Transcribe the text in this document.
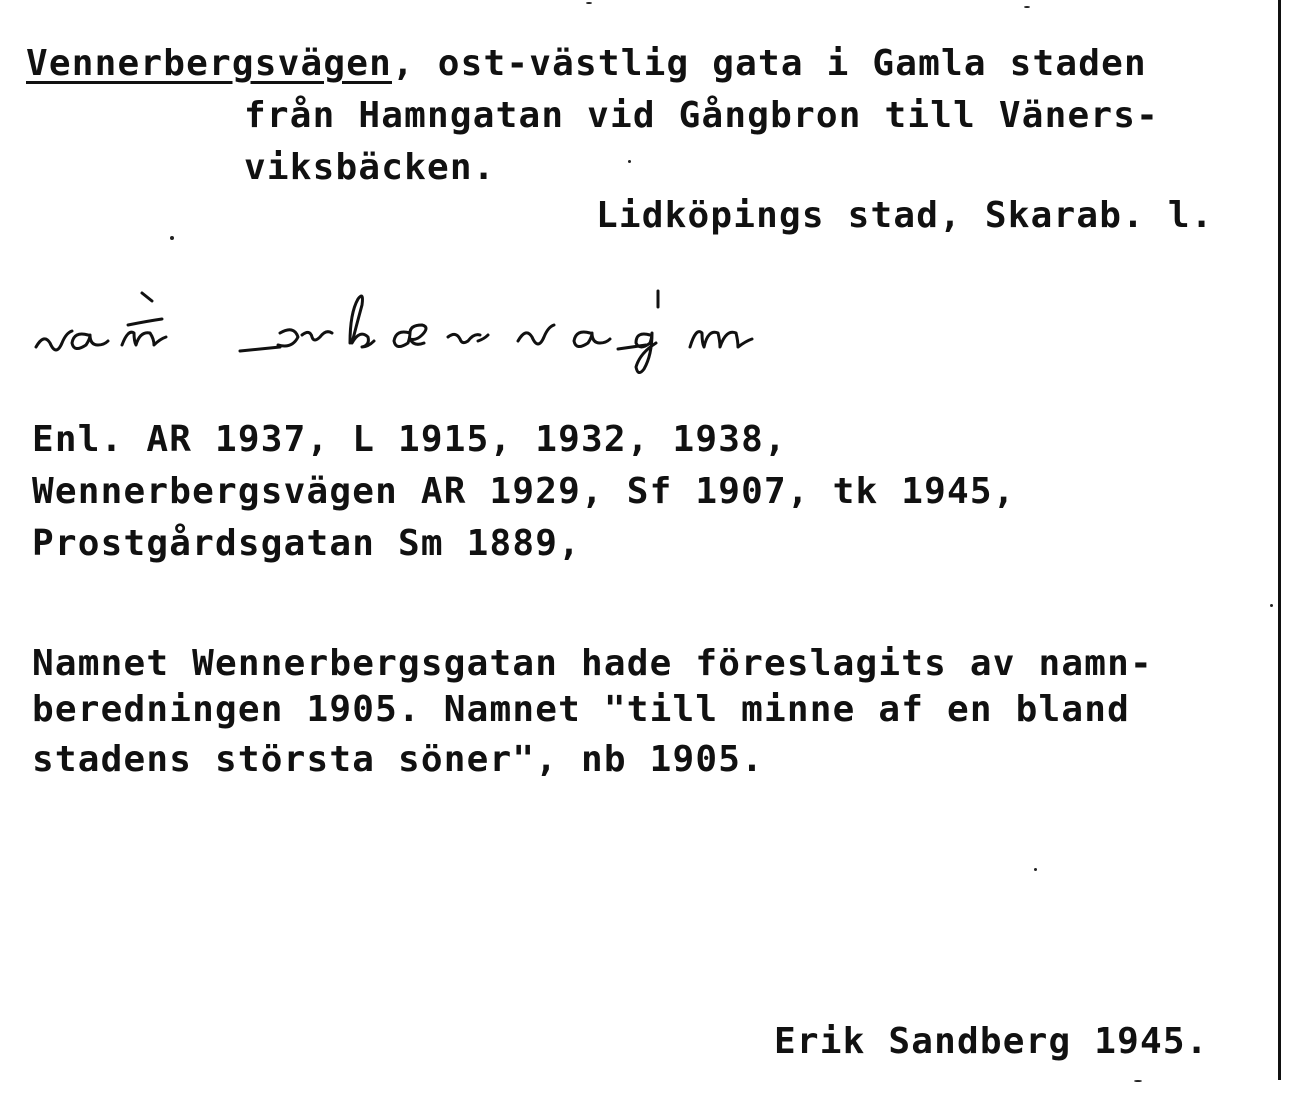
Vennerbergsvägen, ost-västlig gata i Gamla staden
från Hamngatan vid Gångbron till Väners-
viksbäcken.
Lidköpings stad, Skarab. l.
Enl. AR 1937, L 1915, 1932, 1938,
Wennerbergsvägen AR 1929, Sf 1907, tk 1945,
Prostgårdsgatan Sm 1889,
Namnet Wennerbergsgatan hade föreslagits av namn-
beredningen 1905. Namnet "till minne af en bland
stadens största söner", nb 1905.
Erik Sandberg 1945.
